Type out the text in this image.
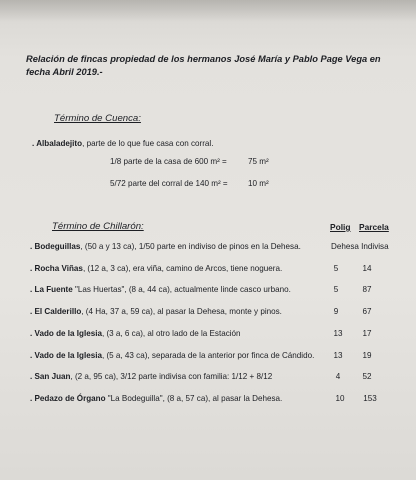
Relación de fincas propiedad de los hermanos José María y Pablo Page Vega en
fecha Abril 2019.-

Término de Cuenca:

. Albaladejito, parte de lo que fue casa con corral.
1/8 parte de la casa de 600 m² =	75 m²
5/72 parte del corral de 140 m² =	10 m²

Término de Chillarón:	Polig Parcela
. Bodeguillas, (50 a y 13 ca), 1/50 parte en indiviso de pinos en la Dehesa.	Dehesa Indivisa
. Rocha Viñas, (12 a, 3 ca), era viña, camino de Arcos, tiene noguera.	5	14
. La Fuente "Las Huertas", (8 a, 44 ca), actualmente linde casco urbano.	5	87
. El Calderillo, (4 Ha, 37 a, 59 ca), al pasar la Dehesa, monte y pinos.	9	67
. Vado de la Iglesia, (3 a, 6 ca), al otro lado de la Estación	13	17
. Vado de la Iglesia, (5 a, 43 ca), separada de la anterior por finca de Cándido.	13	19
. San Juan, (2 a, 95 ca), 3/12 parte indivisa con familia: 1/12 + 8/12	4	52
. Pedazo de Órgano "La Bodeguilla", (8 a, 57 ca), al pasar la Dehesa.	10	153
